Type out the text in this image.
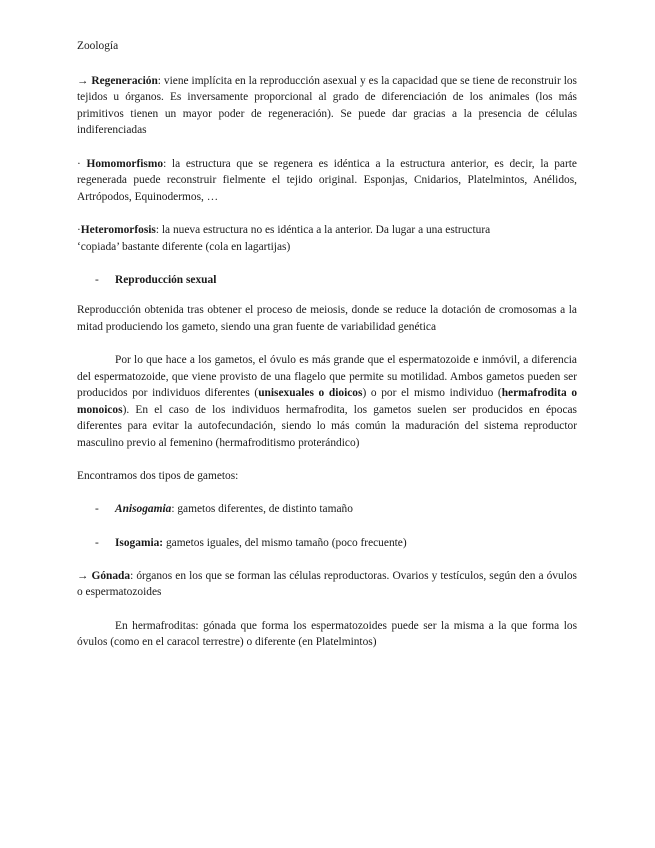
Zoología

→ Regeneración: viene implícita en la reproducción asexual y es la capacidad que se tiene de reconstruir los tejidos u órganos. Es inversamente proporcional al grado de diferenciación de los animales (los más primitivos tienen un mayor poder de regeneración). Se puede dar gracias a la presencia de células indiferenciadas

· Homomorfismo: la estructura que se regenera es idéntica a la estructura anterior, es decir, la parte regenerada puede reconstruir fielmente el tejido original. Esponjas, Cnidarios, Platelmintos, Anélidos, Artrópodos, Equinodermos, …

·Heteromorfosis: la nueva estructura no es idéntica a la anterior. Da lugar a una estructura
‘copiada’ bastante diferente (cola en lagartijas)

- Reproducción sexual

Reproducción obtenida tras obtener el proceso de meiosis, donde se reduce la dotación de cromosomas a la mitad produciendo los gameto, siendo una gran fuente de variabilidad genética

Por lo que hace a los gametos, el óvulo es más grande que el espermatozoide e inmóvil, a diferencia del espermatozoide, que viene provisto de una flagelo que permite su motilidad. Ambos gametos pueden ser producidos por individuos diferentes (unisexuales o dioicos) o por el mismo individuo (hermafrodita o monoicos). En el caso de los individuos hermafrodita, los gametos suelen ser producidos en épocas diferentes para evitar la autofecundación, siendo lo más común la maduración del sistema reproductor masculino previo al femenino (hermafroditismo proterándico)

Encontramos dos tipos de gametos:

- Anisogamia: gametos diferentes, de distinto tamaño
- Isogamia: gametos iguales, del mismo tamaño (poco frecuente)

→ Gónada: órganos en los que se forman las células reproductoras. Ovarios y testículos, según den a óvulos o espermatozoides

En hermafroditas: gónada que forma los espermatozoides puede ser la misma a la que forma los óvulos (como en el caracol terrestre) o diferente (en Platelmintos)
